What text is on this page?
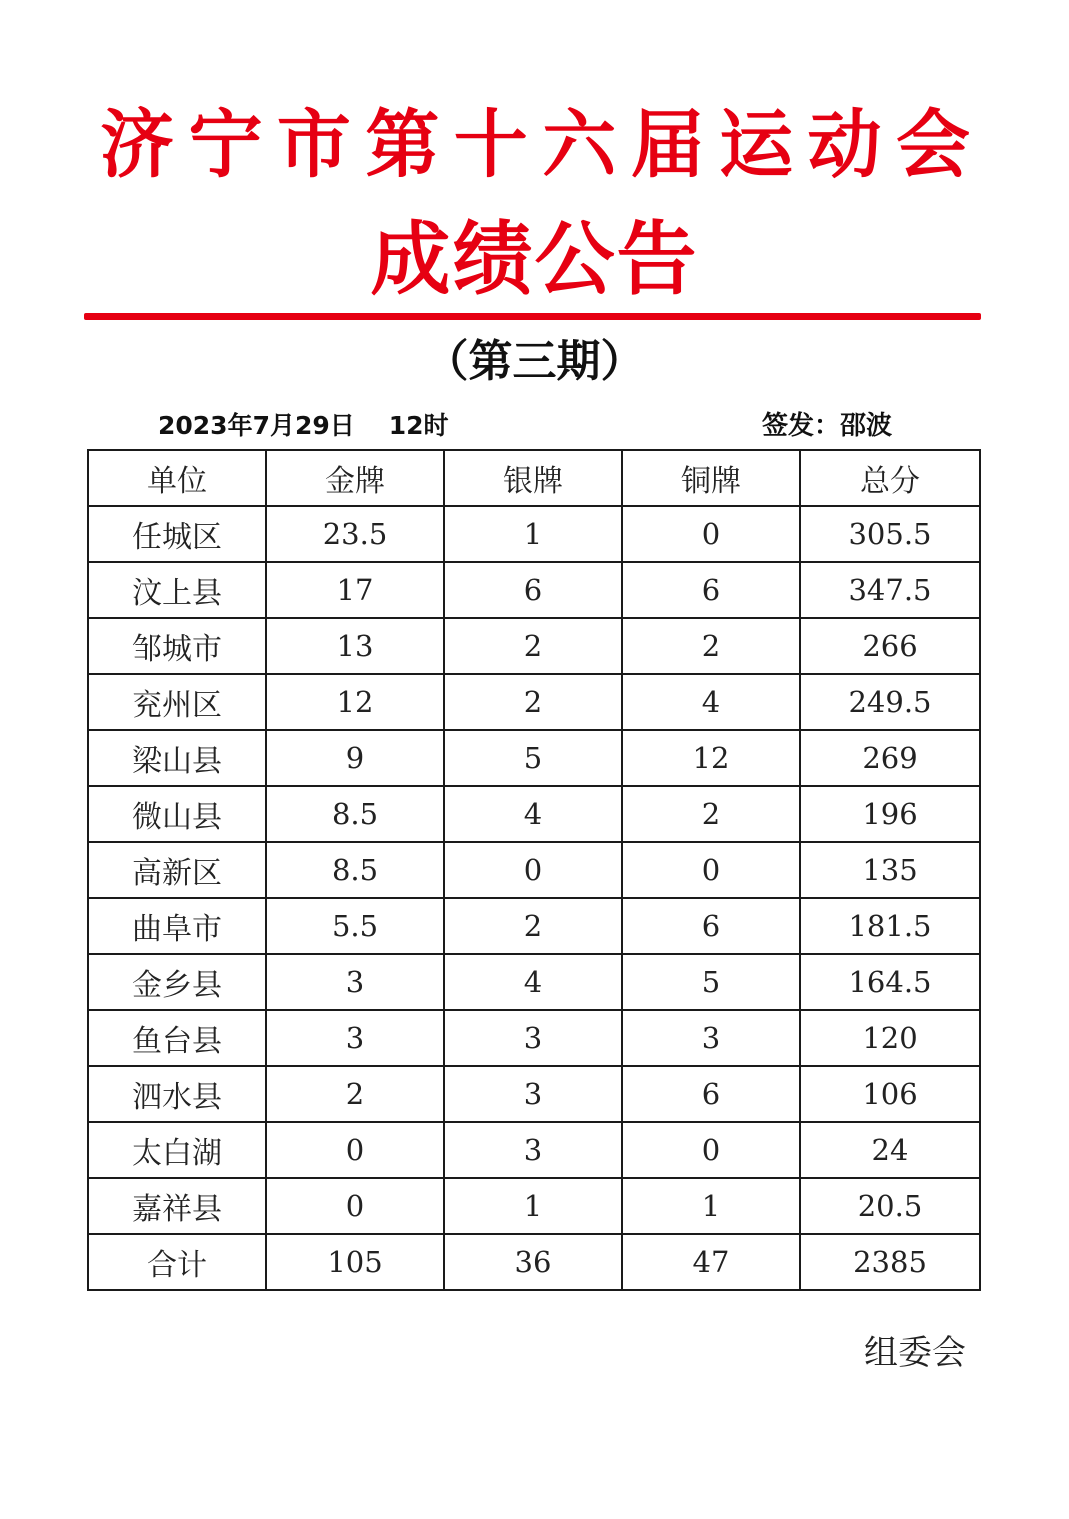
济 宁 市 第 十 六 届 运 动 会
成绩公告
（第三期）
2023年7月29日 12时	签发：邵波
单位	金牌	银牌	铜牌	总分
任城区	23.5	1	0	305.5
汶上县	17	6	6	347.5
邹城市	13	2	2	266
兖州区	12	2	4	249.5
梁山县	9	5	12	269
微山县	8.5	4	2	196
高新区	8.5	0	0	135
曲阜市	5.5	2	6	181.5
金乡县	3	4	5	164.5
鱼台县	3	3	3	120
泗水县	2	3	6	106
太白湖	0	3	0	24
嘉祥县	0	1	1	20.5
合计	105	36	47	2385
组委会
